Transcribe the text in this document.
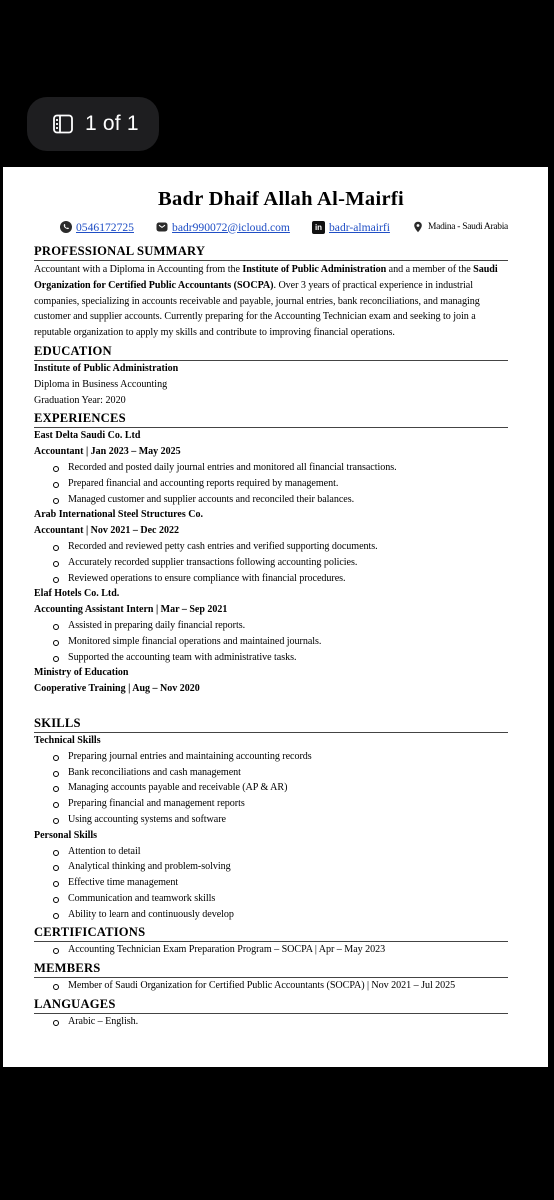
1 of 1
Badr Dhaif Allah Al-Mairfi
0546172725	badr990072@icloud.com	in badr-almairfi	Madina - Saudi Arabia
PROFESSIONAL SUMMARY

Accountant with a Diploma in Accounting from the Institute of Public Administration and a member of the Saudi Organization for Certified Public Accountants (SOCPA). Over 3 years of practical experience in industrial companies, specializing in accounts receivable and payable, journal entries, bank reconciliations, and managing customer and supplier accounts. Currently preparing for the Accounting Technician exam and seeking to join a reputable organization to apply my skills and contribute to improving financial operations.

EDUCATION
Institute of Public Administration
Diploma in Business Accounting
Graduation Year: 2020
EXPERIENCES
East Delta Saudi Co. Ltd
Accountant | Jan 2023 – May 2025
Recorded and posted daily journal entries and monitored all financial transactions.
Prepared financial and accounting reports required by management.
Managed customer and supplier accounts and reconciled their balances.
Arab International Steel Structures Co.
Accountant | Nov 2021 – Dec 2022
Recorded and reviewed petty cash entries and verified supporting documents.
Accurately recorded supplier transactions following accounting policies.
Reviewed operations to ensure compliance with financial procedures.
Elaf Hotels Co. Ltd.
Accounting Assistant Intern | Mar – Sep 2021
Assisted in preparing daily financial reports.
Monitored simple financial operations and maintained journals.
Supported the accounting team with administrative tasks.
Ministry of Education
Cooperative Training | Aug – Nov 2020
SKILLS
Technical Skills
Preparing journal entries and maintaining accounting records
Bank reconciliations and cash management
Managing accounts payable and receivable (AP & AR)
Preparing financial and management reports
Using accounting systems and software
Personal Skills
Attention to detail
Analytical thinking and problem-solving
Effective time management
Communication and teamwork skills
Ability to learn and continuously develop
CERTIFICATIONS
Accounting Technician Exam Preparation Program – SOCPA | Apr – May 2023
MEMBERS
Member of Saudi Organization for Certified Public Accountants (SOCPA) | Nov 2021 – Jul 2025
LANGUAGES
Arabic – English.
